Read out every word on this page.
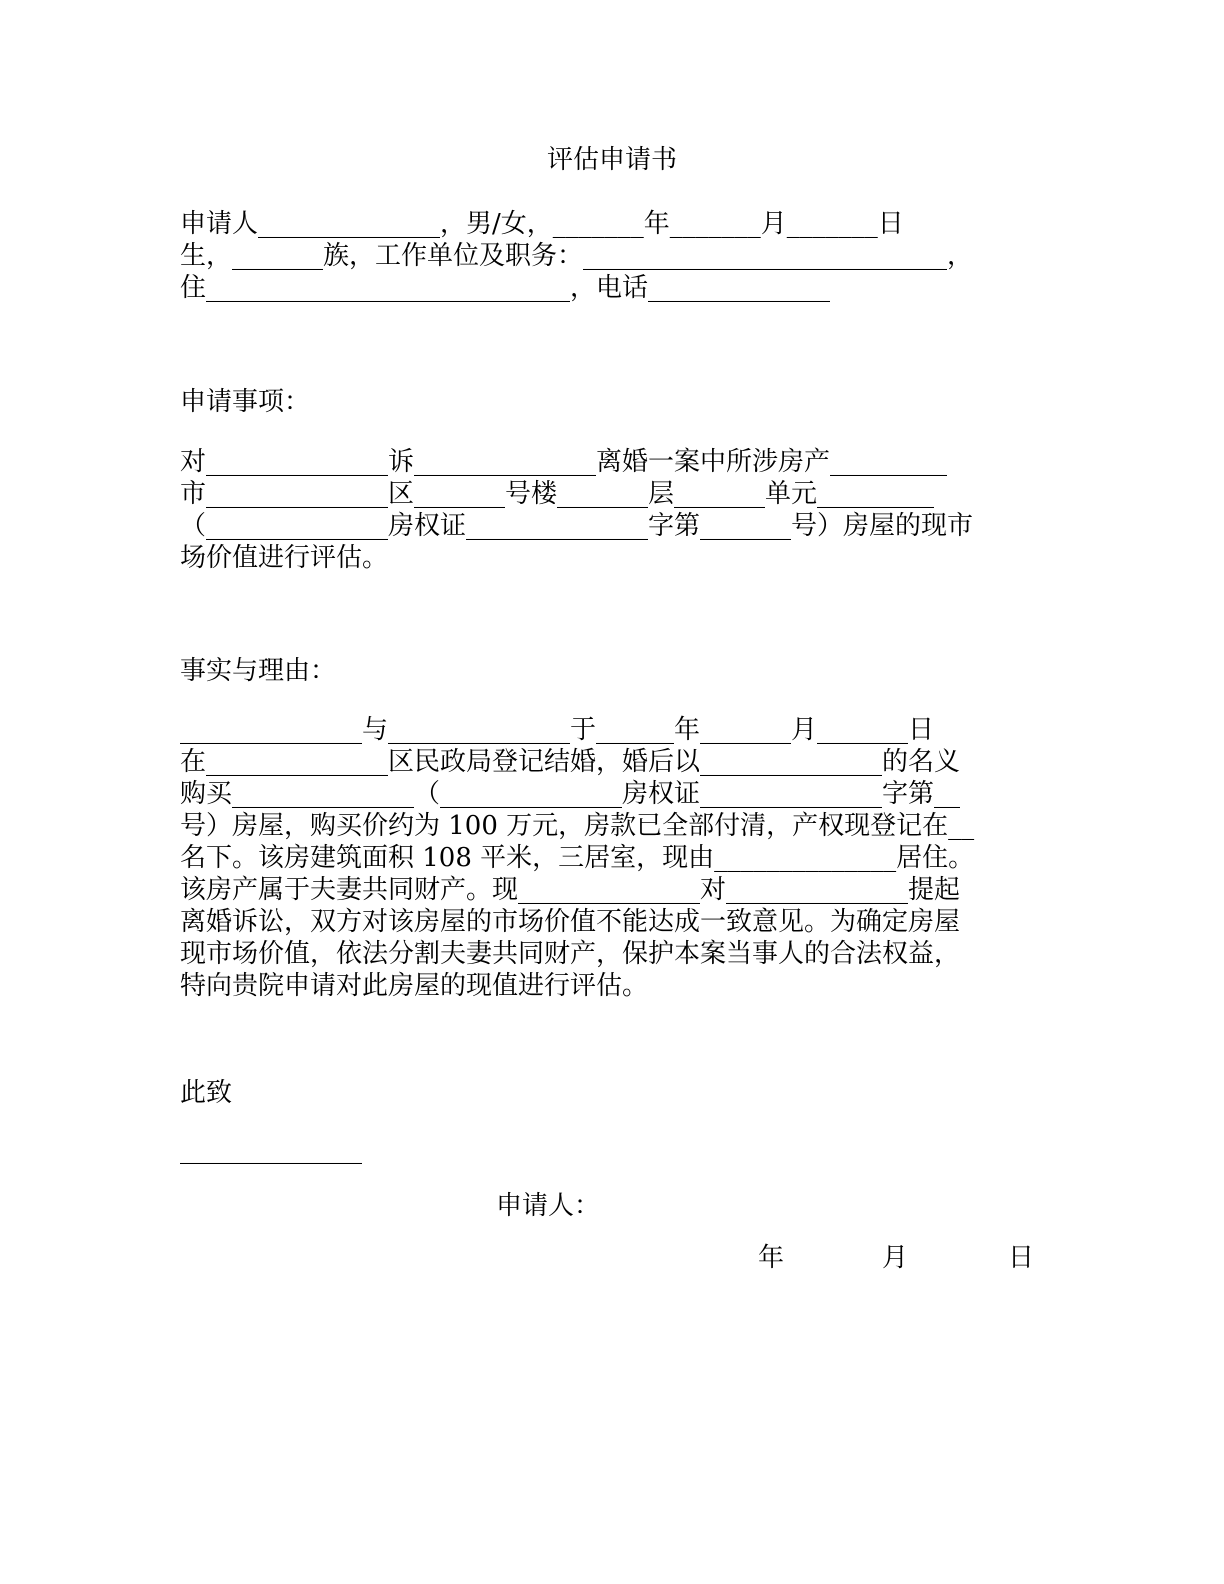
评估申请书
申请人______________，男/女，_______年_______月_______日
生，_______族，工作单位及职务：____________________________，
住____________________________，电话______________
申请事项：
对______________诉______________离婚一案中所涉房产_________
市______________区_______号楼_______层_______单元_________
（______________房权证______________字第_______号）房屋的现市
场价值进行评估。
事实与理由：
______________与______________于______年_______月_______日
在______________区民政局登记结婚，婚后以______________的名义
购买______________（______________房权证______________字第__
号）房屋，购买价约为 100 万元，房款已全部付清，产权现登记在__
名下。该房建筑面积 108 平米，三居室，现由______________居住。
该房产属于夫妻共同财产。现______________对______________提起
离婚诉讼，双方对该房屋的市场价值不能达成一致意见。为确定房屋
现市场价值，依法分割夫妻共同财产，保护本案当事人的合法权益，
特向贵院申请对此房屋的现值进行评估。
此致
______________
申请人：
年	月	日
